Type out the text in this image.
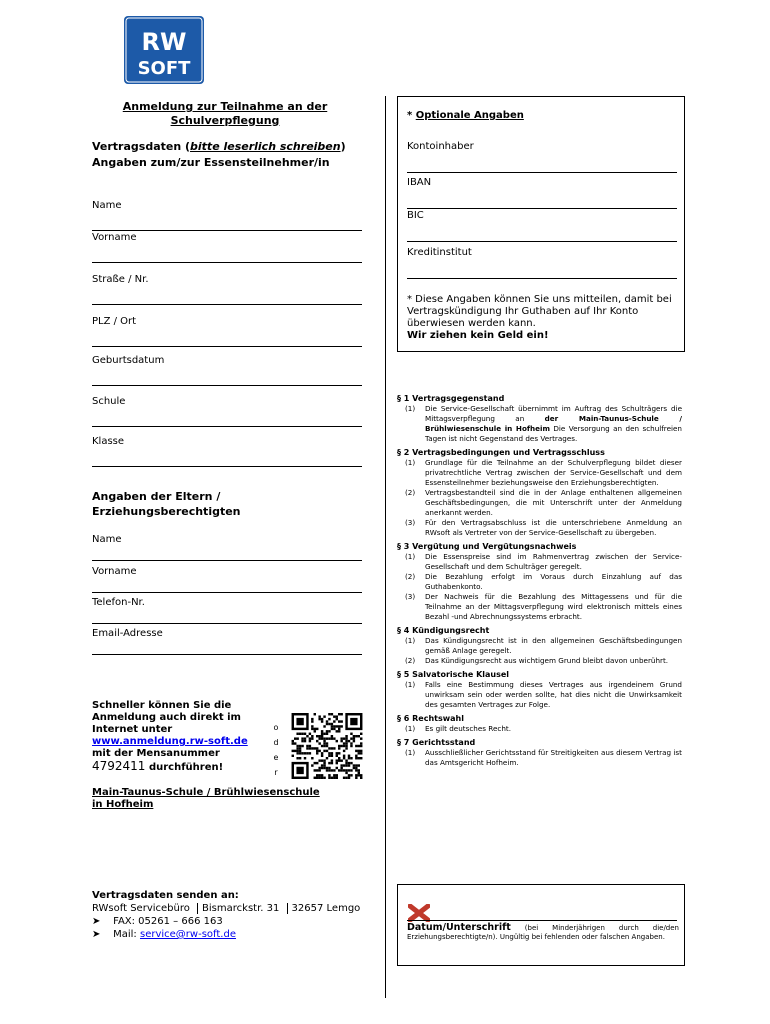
RW
SOFT
Anmeldung zur Teilnahme an der Schulverpflegung
Vertragsdaten (bitte leserlich schreiben)
Angaben zum/zur Essensteilnehmer/in
Name
Vorname
Straße / Nr.
PLZ / Ort
Geburtsdatum
Schule
Klasse
Angaben der Eltern / Erziehungsberechtigten
Name
Vorname
Telefon-Nr.
Email-Adresse
Schneller können Sie die Anmeldung auch direkt im Internet unter
www.anmeldung.rw-soft.de
mit der Mensanummer
4792411 durchführen!
o
d
e
r
Main-Taunus-Schule / Brühlwiesenschule
in Hofheim
Vertragsdaten senden an:
RWsoft Servicebüro Bismarckstr. 31 32657 Lemgo
➤ FAX: 05261 – 666 163
➤ Mail: service@rw-soft.de
* Optionale Angaben
Kontoinhaber
IBAN
BIC
Kreditinstitut
* Diese Angaben können Sie uns mitteilen, damit bei Vertragskündigung Ihr Guthaben auf Ihr Konto überwiesen werden kann.
Wir ziehen kein Geld ein!
§ 1 Vertragsgegenstand
(1)	Die Service-Gesellschaft übernimmt im Auftrag des Schulträgers die Mittagsverpflegung an	der Main-Taunus-Schule / Brühlwiesenschule in Hofheim Die Versorgung an den schulfreien Tagen ist nicht Gegenstand des Vertrages.
§ 2 Vertragsbedingungen und Vertragsschluss
(1)	Grundlage für die Teilnahme an der Schulverpflegung bildet dieser privatrechtliche Vertrag zwischen der Service-Gesellschaft und dem Essensteilnehmer beziehungsweise den Erziehungsberechtigten.
(2)	Vertragsbestandteil sind die in der Anlage enthaltenen allgemeinen Geschäftsbedingungen, die mit Unterschrift unter der Anmeldung anerkannt werden.
(3)	Für den Vertragsabschluss ist die unterschriebene Anmeldung an RWsoft als Vertreter von der Service-Gesellschaft zu übergeben.
§ 3 Vergütung und Vergütungsnachweis
(1)	Die Essenspreise sind im Rahmenvertrag zwischen der Service-Gesellschaft und dem Schulträger geregelt.
(2)	Die Bezahlung erfolgt im Voraus durch Einzahlung auf das Guthabenkonto.
(3)	Der Nachweis für die Bezahlung des Mittagessens und für die Teilnahme an der Mittagsverpflegung wird elektronisch mittels eines Bezahl -und Abrechnungssystems erbracht.
§ 4 Kündigungsrecht
(1)	Das Kündigungsrecht ist in den allgemeinen Geschäftsbedingungen gemäß Anlage geregelt.
(2)	Das Kündigungsrecht aus wichtigem Grund bleibt davon unberührt.
§ 5 Salvatorische Klausel
(1)	Falls eine Bestimmung dieses Vertrages aus irgendeinem Grund unwirksam sein oder werden sollte, hat dies nicht die Unwirksamkeit des gesamten Vertrages zur Folge.
§ 6 Rechtswahl
(1)	Es gilt deutsches Recht.
§ 7 Gerichtsstand
(1)	Ausschließlicher Gerichtsstand für Streitigkeiten aus diesem Vertrag ist das Amtsgericht Hofheim.
Datum/Unterschrift (bei Minderjährigen durch die/den Erziehungsberechtigte/n). Ungültig bei fehlenden oder falschen Angaben.
